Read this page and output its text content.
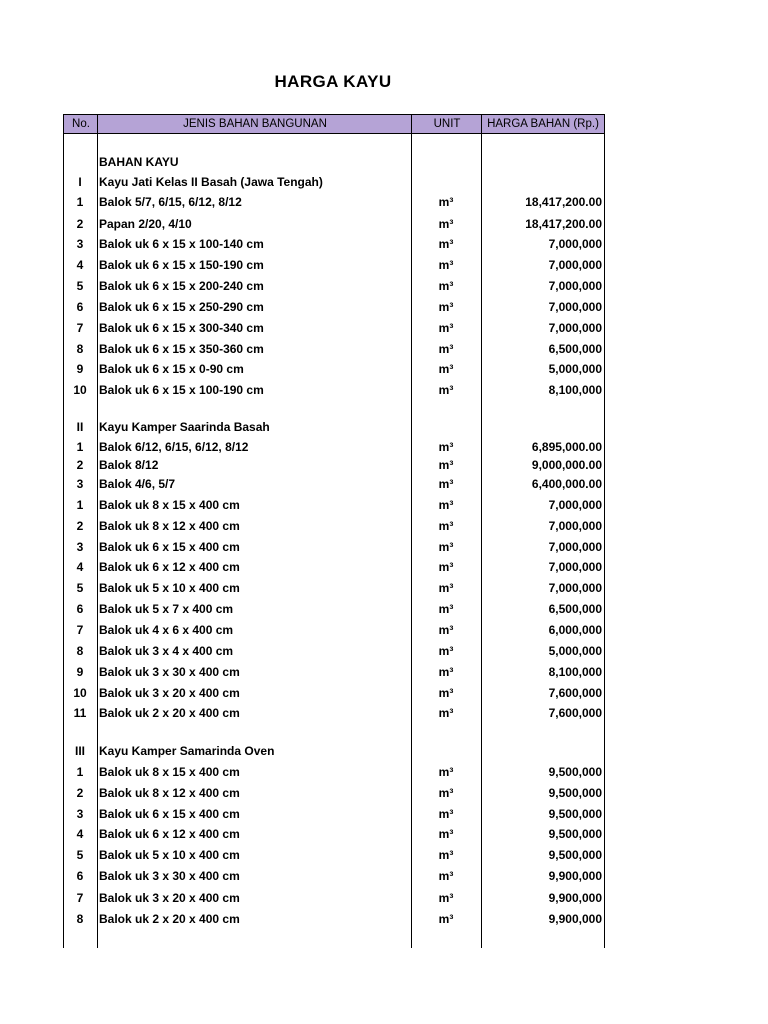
HARGA KAYU
No.	JENIS BAHAN BANGUNAN	UNIT	HARGA BAHAN (Rp.)
BAHAN KAYU
I	Kayu Jati Kelas II Basah (Jawa Tengah)
1	Balok 5/7, 6/15, 6/12, 8/12	m³	18,417,200.00
2	Papan 2/20, 4/10	m³	18,417,200.00
3	Balok uk 6 x 15 x 100-140 cm	m³	7,000,000
4	Balok uk 6 x 15 x 150-190 cm	m³	7,000,000
5	Balok uk 6 x 15 x 200-240 cm	m³	7,000,000
6	Balok uk 6 x 15 x 250-290 cm	m³	7,000,000
7	Balok uk 6 x 15 x 300-340 cm	m³	7,000,000
8	Balok uk 6 x 15 x 350-360 cm	m³	6,500,000
9	Balok uk 6 x 15 x 0-90 cm	m³	5,000,000
10	Balok uk 6 x 15 x 100-190 cm	m³	8,100,000
II	Kayu Kamper Saarinda Basah
1	Balok 6/12, 6/15, 6/12, 8/12	m³	6,895,000.00
2	Balok 8/12	m³	9,000,000.00
3	Balok 4/6, 5/7	m³	6,400,000.00
1	Balok uk 8 x 15 x 400 cm	m³	7,000,000
2	Balok uk 8 x 12 x 400 cm	m³	7,000,000
3	Balok uk 6 x 15 x 400 cm	m³	7,000,000
4	Balok uk 6 x 12 x 400 cm	m³	7,000,000
5	Balok uk 5 x 10 x 400 cm	m³	7,000,000
6	Balok uk 5 x 7 x 400 cm	m³	6,500,000
7	Balok uk 4 x 6 x 400 cm	m³	6,000,000
8	Balok uk 3 x 4 x 400 cm	m³	5,000,000
9	Balok uk 3 x 30 x 400 cm	m³	8,100,000
10	Balok uk 3 x 20 x 400 cm	m³	7,600,000
11	Balok uk 2 x 20 x 400 cm	m³	7,600,000
III	Kayu Kamper Samarinda Oven
1	Balok uk 8 x 15 x 400 cm	m³	9,500,000
2	Balok uk 8 x 12 x 400 cm	m³	9,500,000
3	Balok uk 6 x 15 x 400 cm	m³	9,500,000
4	Balok uk 6 x 12 x 400 cm	m³	9,500,000
5	Balok uk 5 x 10 x 400 cm	m³	9,500,000
6	Balok uk 3 x 30 x 400 cm	m³	9,900,000
7	Balok uk 3 x 20 x 400 cm	m³	9,900,000
8	Balok uk 2 x 20 x 400 cm	m³	9,900,000
